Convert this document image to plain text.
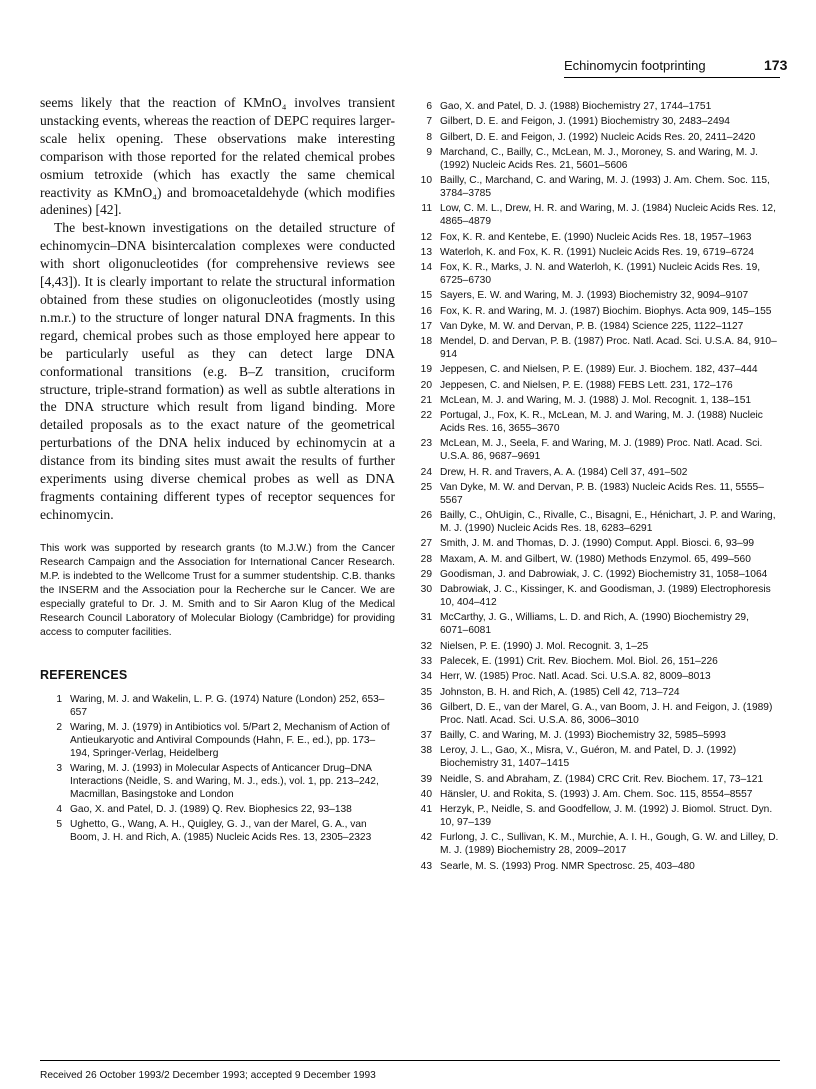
Echinomycin footprinting	173

seems likely that the reaction of KMnO₄ involves transient unstacking events, whereas the reaction of DEPC requires larger-scale helix opening. These observations make interesting comparison with those reported for the related chemical probes osmium tetroxide (which has exactly the same chemical reactivity as KMnO₄) and bromoacetaldehyde (which modifies adenines) [42].

The best-known investigations on the detailed structure of echinomycin–DNA bisintercalation complexes were conducted with short oligonucleotides (for comprehensive reviews see [4,43]). It is clearly important to relate the structural information obtained from these studies on oligonucleotides (mostly using n.m.r.) to the structure of longer natural DNA fragments. In this regard, chemical probes such as those employed here appear to be particularly useful as they can detect large DNA conformational transitions (e.g. B–Z transition, cruciform structure, triple-strand formation) as well as subtle alterations in the DNA structure which result from ligand binding. More detailed proposals as to the exact nature of the geometrical perturbations of the DNA helix induced by echinomycin at a distance from its binding sites must await the results of further experiments using diverse chemical probes as well as DNA fragments containing different types of receptor sequences for echinomycin.

This work was supported by research grants (to M.J.W.) from the Cancer Research Campaign and the Association for International Cancer Research. M.P. is indebted to the Wellcome Trust for a summer studentship. C.B. thanks the INSERM and the Association pour la Recherche sur le Cancer. We are especially grateful to Dr. J. M. Smith and to Sir Aaron Klug of the Medical Research Council Laboratory of Molecular Biology (Cambridge) for providing access to computer facilities.

REFERENCES
1 Waring, M. J. and Wakelin, L. P. G. (1974) Nature (London) 252, 653–657
2 Waring, M. J. (1979) in Antibiotics vol. 5/Part 2, Mechanism of Action of Antieukaryotic and Antiviral Compounds (Hahn, F. E., ed.), pp. 173–194, Springer-Verlag, Heidelberg
3 Waring, M. J. (1993) in Molecular Aspects of Anticancer Drug–DNA Interactions (Neidle, S. and Waring, M. J., eds.), vol. 1, pp. 213–242, Macmillan, Basingstoke and London
4 Gao, X. and Patel, D. J. (1989) Q. Rev. Biophesics 22, 93–138
5 Ughetto, G., Wang, A. H., Quigley, G. J., van der Marel, G. A., van Boom, J. H. and Rich, A. (1985) Nucleic Acids Res. 13, 2305–2323
6 Gao, X. and Patel, D. J. (1988) Biochemistry 27, 1744–1751
7 Gilbert, D. E. and Feigon, J. (1991) Biochemistry 30, 2483–2494
8 Gilbert, D. E. and Feigon, J. (1992) Nucleic Acids Res. 20, 2411–2420
9 Marchand, C., Bailly, C., McLean, M. J., Moroney, S. and Waring, M. J. (1992) Nucleic Acids Res. 21, 5601–5606
10 Bailly, C., Marchand, C. and Waring, M. J. (1993) J. Am. Chem. Soc. 115, 3784–3785
11 Low, C. M. L., Drew, H. R. and Waring, M. J. (1984) Nucleic Acids Res. 12, 4865–4879
12 Fox, K. R. and Kentebe, E. (1990) Nucleic Acids Res. 18, 1957–1963
13 Waterloh, K. and Fox, K. R. (1991) Nucleic Acids Res. 19, 6719–6724
14 Fox, K. R., Marks, J. N. and Waterloh, K. (1991) Nucleic Acids Res. 19, 6725–6730
15 Sayers, E. W. and Waring, M. J. (1993) Biochemistry 32, 9094–9107
16 Fox, K. R. and Waring, M. J. (1987) Biochim. Biophys. Acta 909, 145–155
17 Van Dyke, M. W. and Dervan, P. B. (1984) Science 225, 1122–1127
18 Mendel, D. and Dervan, P. B. (1987) Proc. Natl. Acad. Sci. U.S.A. 84, 910–914
19 Jeppesen, C. and Nielsen, P. E. (1989) Eur. J. Biochem. 182, 437–444
20 Jeppesen, C. and Nielsen, P. E. (1988) FEBS Lett. 231, 172–176
21 McLean, M. J. and Waring, M. J. (1988) J. Mol. Recognit. 1, 138–151
22 Portugal, J., Fox, K. R., McLean, M. J. and Waring, M. J. (1988) Nucleic Acids Res. 16, 3655–3670
23 McLean, M. J., Seela, F. and Waring, M. J. (1989) Proc. Natl. Acad. Sci. U.S.A. 86, 9687–9691
24 Drew, H. R. and Travers, A. A. (1984) Cell 37, 491–502
25 Van Dyke, M. W. and Dervan, P. B. (1983) Nucleic Acids Res. 11, 5555–5567
26 Bailly, C., OhUigin, C., Rivalle, C., Bisagni, E., Hénichart, J. P. and Waring, M. J. (1990) Nucleic Acids Res. 18, 6283–6291
27 Smith, J. M. and Thomas, D. J. (1990) Comput. Appl. Biosci. 6, 93–99
28 Maxam, A. M. and Gilbert, W. (1980) Methods Enzymol. 65, 499–560
29 Goodisman, J. and Dabrowiak, J. C. (1992) Biochemistry 31, 1058–1064
30 Dabrowiak, J. C., Kissinger, K. and Goodisman, J. (1989) Electrophoresis 10, 404–412
31 McCarthy, J. G., Williams, L. D. and Rich, A. (1990) Biochemistry 29, 6071–6081
32 Nielsen, P. E. (1990) J. Mol. Recognit. 3, 1–25
33 Palecek, E. (1991) Crit. Rev. Biochem. Mol. Biol. 26, 151–226
34 Herr, W. (1985) Proc. Natl. Acad. Sci. U.S.A. 82, 8009–8013
35 Johnston, B. H. and Rich, A. (1985) Cell 42, 713–724
36 Gilbert, D. E., van der Marel, G. A., van Boom, J. H. and Feigon, J. (1989) Proc. Natl. Acad. Sci. U.S.A. 86, 3006–3010
37 Bailly, C. and Waring, M. J. (1993) Biochemistry 32, 5985–5993
38 Leroy, J. L., Gao, X., Misra, V., Guéron, M. and Patel, D. J. (1992) Biochemistry 31, 1407–1415
39 Neidle, S. and Abraham, Z. (1984) CRC Crit. Rev. Biochem. 17, 73–121
40 Hänsler, U. and Rokita, S. (1993) J. Am. Chem. Soc. 115, 8554–8557
41 Herzyk, P., Neidle, S. and Goodfellow, J. M. (1992) J. Biomol. Struct. Dyn. 10, 97–139
42 Furlong, J. C., Sullivan, K. M., Murchie, A. I. H., Gough, G. W. and Lilley, D. M. J. (1989) Biochemistry 28, 2009–2017
43 Searle, M. S. (1993) Prog. NMR Spectrosc. 25, 403–480
Received 26 October 1993/2 December 1993; accepted 9 December 1993
